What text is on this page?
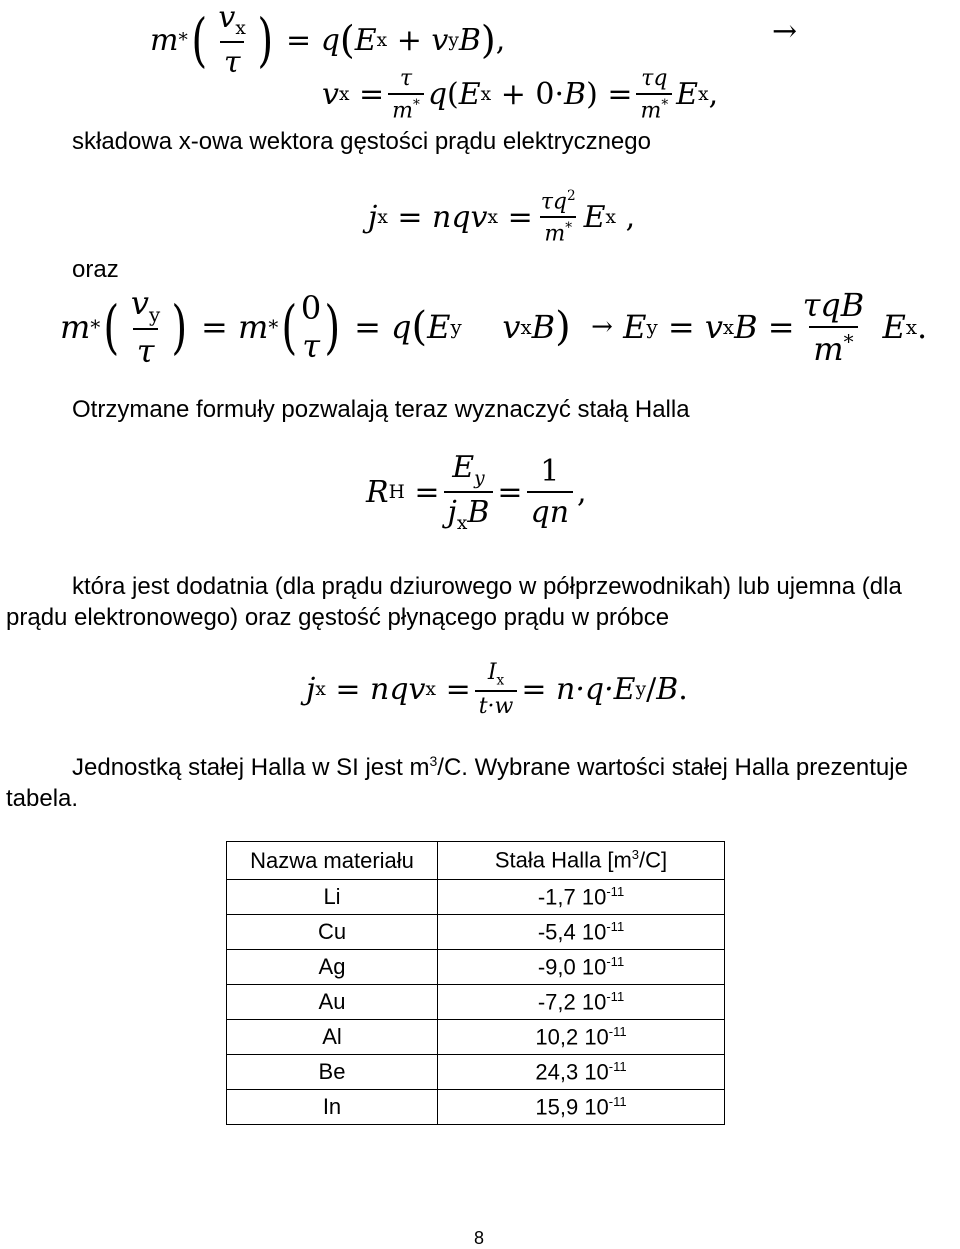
m * ( $\frac{v_x}{\tau}$ )
= q ( E x
+ v y B ) ,	→
v x
= $\frac{\tau}{m^*}$ q ( E x
+ 0· B )
= $\frac{\tau q}{m^*}$ E x ,
składowa x-owa wektora gęstości prądu elektrycznego
j x
= nqv x
= $\frac{\tau q^2}{m^*}$ E x ,
oraz
m * ( $\frac{v_y}{\tau}$ )
= m * ( 0
τ )
= q ( E y v x B )
→ E y
= v x $B = \frac{\text{τqB}}{m^*}$ E x .
Otrzymane formuły pozwalają teraz wyznaczyć stałą Halla
R H
= $\frac{E_y}{j_xB} = \frac{1}{qn}$ ,
która jest dodatnia (dla prądu dziurowego w półprzewodnikah) lub ujemna (dla
prądu elektronowego) oraz gęstość płynącego prądu w próbce
j x
= nqv x
= $\frac{I_x}{t\cdot w} = n\cdot q\cdot E$ y / B .
Jednostką stałej Halla w SI jest $m^3/C$. Wybrane wartości stałej Halla prezentuje
tabela.
Nazwa materiału	Stała Halla $[m^3/C]$
Li	-1,7 $10^{-11}$
Cu	-5,4 $10^{-11}$
Ag	-9,0 $10^{-11}$
Au	-7,2 $10^{-11}$
Al	10,2 $10^{-11}$
Be	24,3 $10^{-11}$
In	15,9 $10^{-11}$
8
